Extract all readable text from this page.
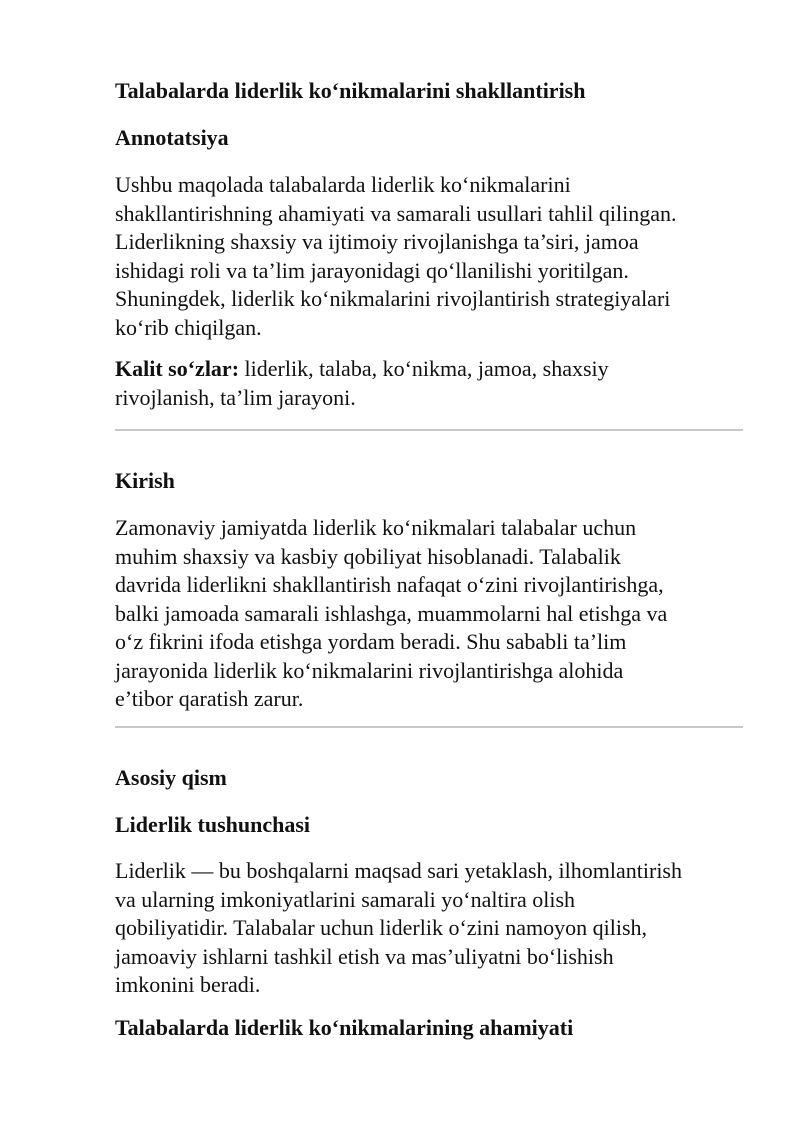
Talabalarda liderlik ko‘nikmalarini shakllantirish
Annotatsiya
Ushbu maqolada talabalarda liderlik ko‘nikmalarini
shakllantirishning ahamiyati va samarali usullari tahlil qilingan.
Liderlikning shaxsiy va ijtimoiy rivojlanishga ta’siri, jamoa
ishidagi roli va ta’lim jarayonidagi qo‘llanilishi yoritilgan.
Shuningdek, liderlik ko‘nikmalarini rivojlantirish strategiyalari
ko‘rib chiqilgan.
Kalit so‘zlar: liderlik, talaba, ko‘nikma, jamoa, shaxsiy
rivojlanish, ta’lim jarayoni.
Kirish
Zamonaviy jamiyatda liderlik ko‘nikmalari talabalar uchun
muhim shaxsiy va kasbiy qobiliyat hisoblanadi. Talabalik
davrida liderlikni shakllantirish nafaqat o‘zini rivojlantirishga,
balki jamoada samarali ishlashga, muammolarni hal etishga va
o‘z fikrini ifoda etishga yordam beradi. Shu sababli ta’lim
jarayonida liderlik ko‘nikmalarini rivojlantirishga alohida
e’tibor qaratish zarur.
Asosiy qism
Liderlik tushunchasi
Liderlik — bu boshqalarni maqsad sari yetaklash, ilhomlantirish
va ularning imkoniyatlarini samarali yo‘naltira olish
qobiliyatidir. Talabalar uchun liderlik o‘zini namoyon qilish,
jamoaviy ishlarni tashkil etish va mas’uliyatni bo‘lishish
imkonini beradi.
Talabalarda liderlik ko‘nikmalarining ahamiyati
